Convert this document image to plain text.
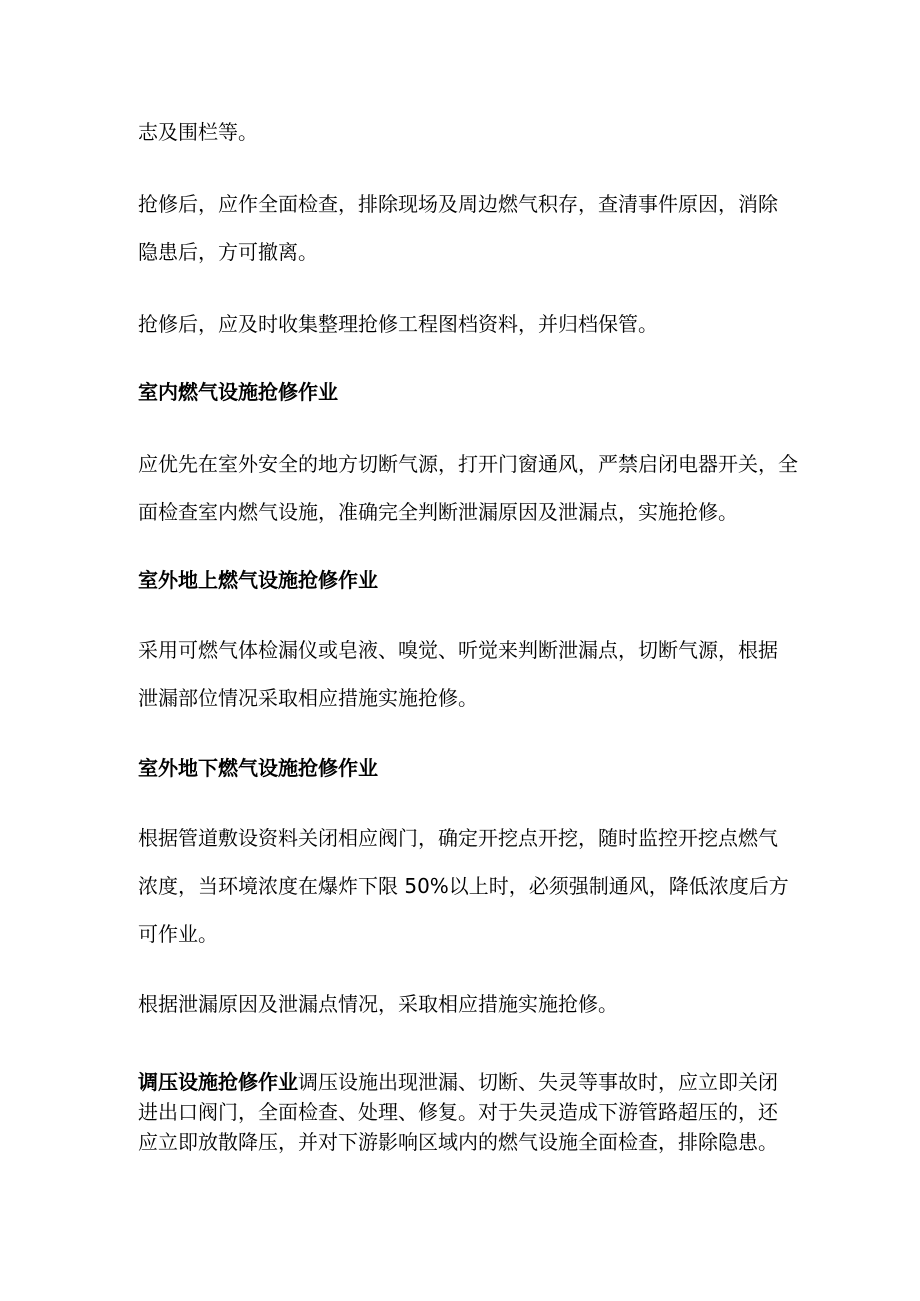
志及围栏等。
抢修后，应作全面检查，排除现场及周边燃气积存，查清事件原因，消除
隐患后，方可撤离。
抢修后，应及时收集整理抢修工程图档资料，并归档保管。
室内燃气设施抢修作业
应优先在室外安全的地方切断气源，打开门窗通风，严禁启闭电器开关，全
面检查室内燃气设施，准确完全判断泄漏原因及泄漏点，实施抢修。
室外地上燃气设施抢修作业
采用可燃气体检漏仪或皂液、嗅觉、听觉来判断泄漏点，切断气源，根据
泄漏部位情况采取相应措施实施抢修。
室外地下燃气设施抢修作业
根据管道敷设资料关闭相应阀门，确定开挖点开挖，随时监控开挖点燃气
浓度，当环境浓度在爆炸下限 50%以上时，必须强制通风，降低浓度后方
可作业。
根据泄漏原因及泄漏点情况，采取相应措施实施抢修。
调压设施抢修作业调压设施出现泄漏、切断、失灵等事故时，应立即关闭
进出口阀门，全面检查、处理、修复。对于失灵造成下游管路超压的，还
应立即放散降压，并对下游影响区域内的燃气设施全面检查，排除隐患。
